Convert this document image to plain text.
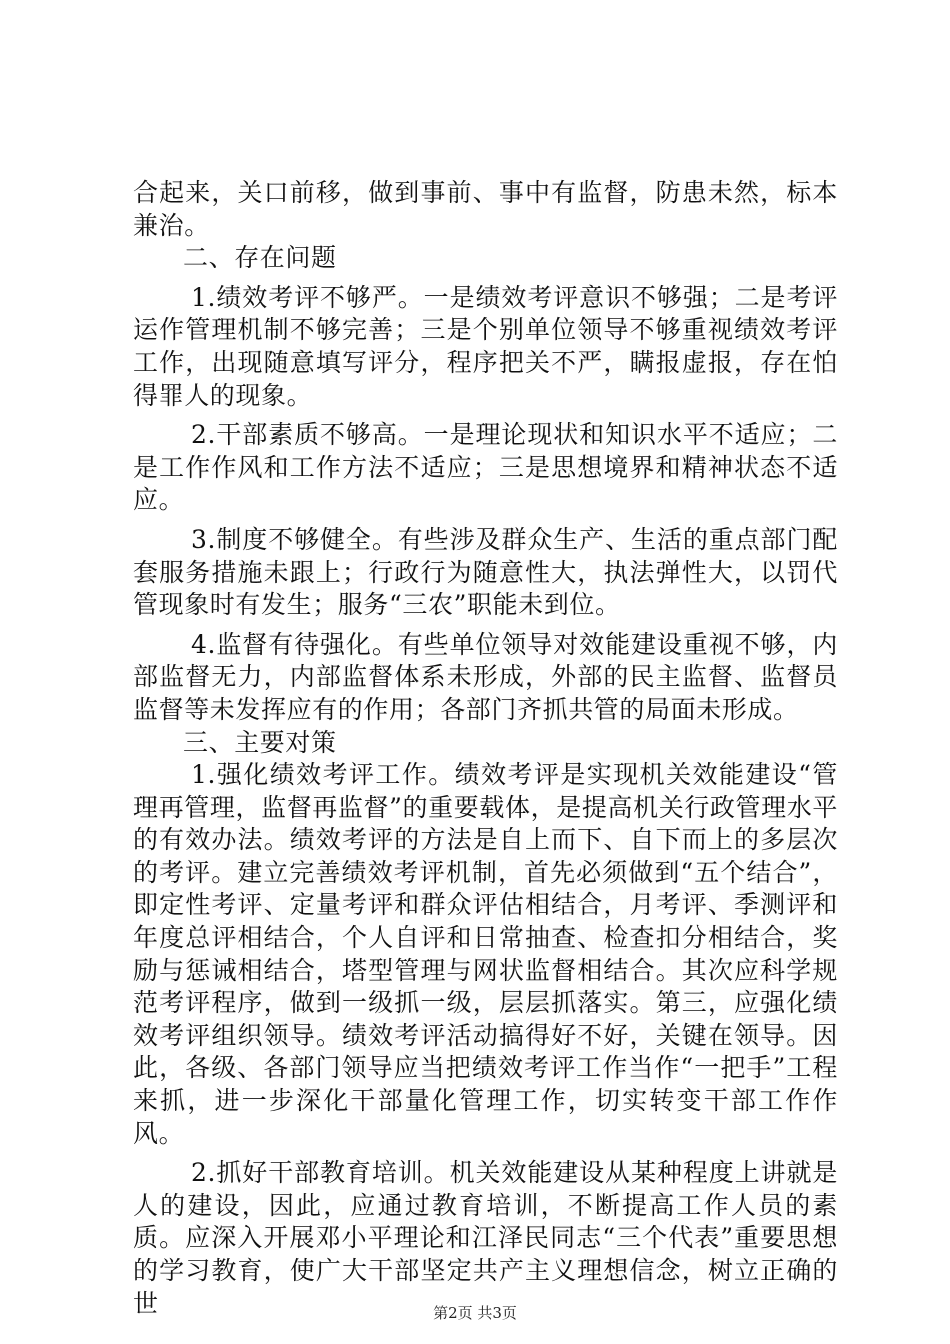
合起来，关口前移，做到事前、事中有监督，防患未然，标本兼治。

二、存在问题

1.绩效考评不够严。一是绩效考评意识不够强；二是考评运作管理机制不够完善；三是个别单位领导不够重视绩效考评工作，出现随意填写评分，程序把关不严，瞒报虚报，存在怕得罪人的现象。

2.干部素质不够高。一是理论现状和知识水平不适应；二是工作作风和工作方法不适应；三是思想境界和精神状态不适应。

3.制度不够健全。有些涉及群众生产、生活的重点部门配套服务措施未跟上；行政行为随意性大，执法弹性大，以罚代管现象时有发生；服务“三农”职能未到位。

4.监督有待强化。有些单位领导对效能建设重视不够，内部监督无力，内部监督体系未形成，外部的民主监督、监督员监督等未发挥应有的作用；各部门齐抓共管的局面未形成。

三、主要对策

1.强化绩效考评工作。绩效考评是实现机关效能建设“管理再管理，监督再监督”的重要载体，是提高机关行政管理水平的有效办法。绩效考评的方法是自上而下、自下而上的多层次的考评。建立完善绩效考评机制，首先必须做到“五个结合”，即定性考评、定量考评和群众评估相结合，月考评、季测评和年度总评相结合，个人自评和日常抽查、检查扣分相结合，奖励与惩诫相结合，塔型管理与网状监督相结合。其次应科学规范考评程序，做到一级抓一级，层层抓落实。第三，应强化绩效考评组织领导。绩效考评活动搞得好不好，关键在领导。因此，各级、各部门领导应当把绩效考评工作当作“一把手”工程来抓，进一步深化干部量化管理工作，切实转变干部工作作风。

2.抓好干部教育培训。机关效能建设从某种程度上讲就是人的建设，因此，应通过教育培训，不断提高工作人员的素质。应深入开展邓小平理论和江泽民同志“三个代表”重要思想的学习教育，使广大干部坚定共产主义理想信念，树立正确的世	第2页 共3页
